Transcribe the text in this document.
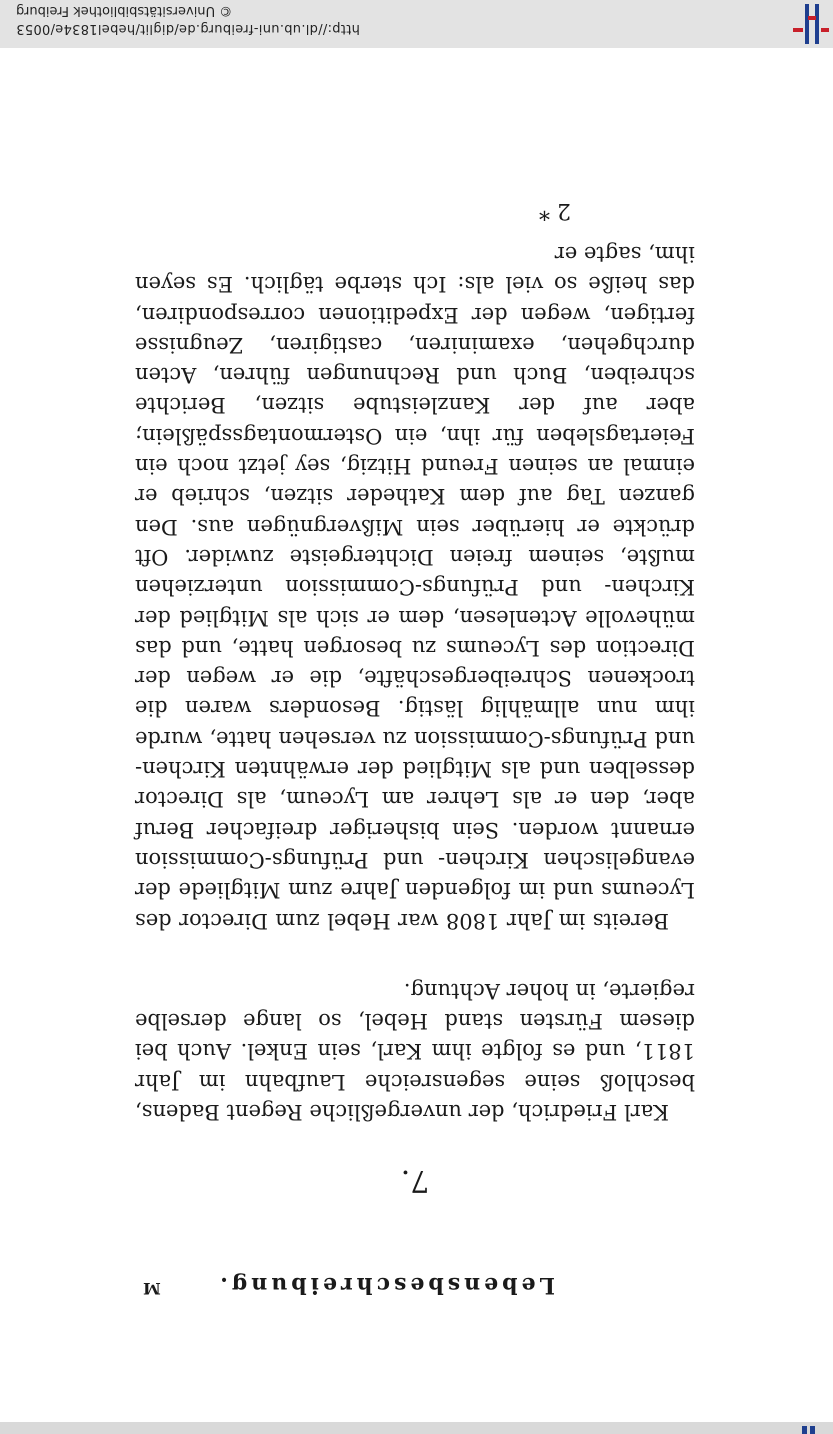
Lebensbeschreibung.
M
7.

Karl Friedrich, der unvergeßliche Regent Badens, beschloß seine segensreiche Laufbahn im Jahr 1811, und es folgte ihm Karl, sein Enkel. Auch bei diesem Fürsten stand Hebel, so lange derselbe regierte, in hoher Achtung.

Bereits im Jahr 1808 war Hebel zum Director des Lyceums und im folgenden Jahre zum Mitgliede der evangelischen Kirchen- und Prüfungs-Commission ernannt worden. Sein bisheriger dreifacher Beruf aber, den er als Lehrer am Lyceum, als Director desselben und als Mitglied der erwähnten Kirchen- und Prüfungs-Commission zu versehen hatte, wurde ihm nun allmählig lästig. Besonders waren die trockenen Schreibergeschäfte, die er wegen der Direction des Lyceums zu besorgen hatte, und das mühevolle Actenlesen, dem er sich als Mitglied der Kirchen- und Prüfungs-Commission unterziehen mußte, seinem freien Dichtergeiste zuwider. Oft drückte er hierüber sein Mißvergnügen aus. Den ganzen Tag auf dem Katheder sitzen, schrieb er einmal an seinen Freund Hitzig, sey jetzt noch ein Feiertagsleben für ihn, ein Ostermontagsspäßlein; aber auf der Kanzleistube sitzen, Berichte schreiben, Buch und Rechnungen führen, Acten durchgehen, examiniren, castigiren, Zeugnisse fertigen, wegen der Expeditionen correspondiren, das heiße so viel als: Ich sterbe täglich. Es seyen ihm, sagte er

2 *
http://dl.ub.uni-freiburg.de/diglit/hebel1834e/0053
© Universitätsbibliothek Freiburg
